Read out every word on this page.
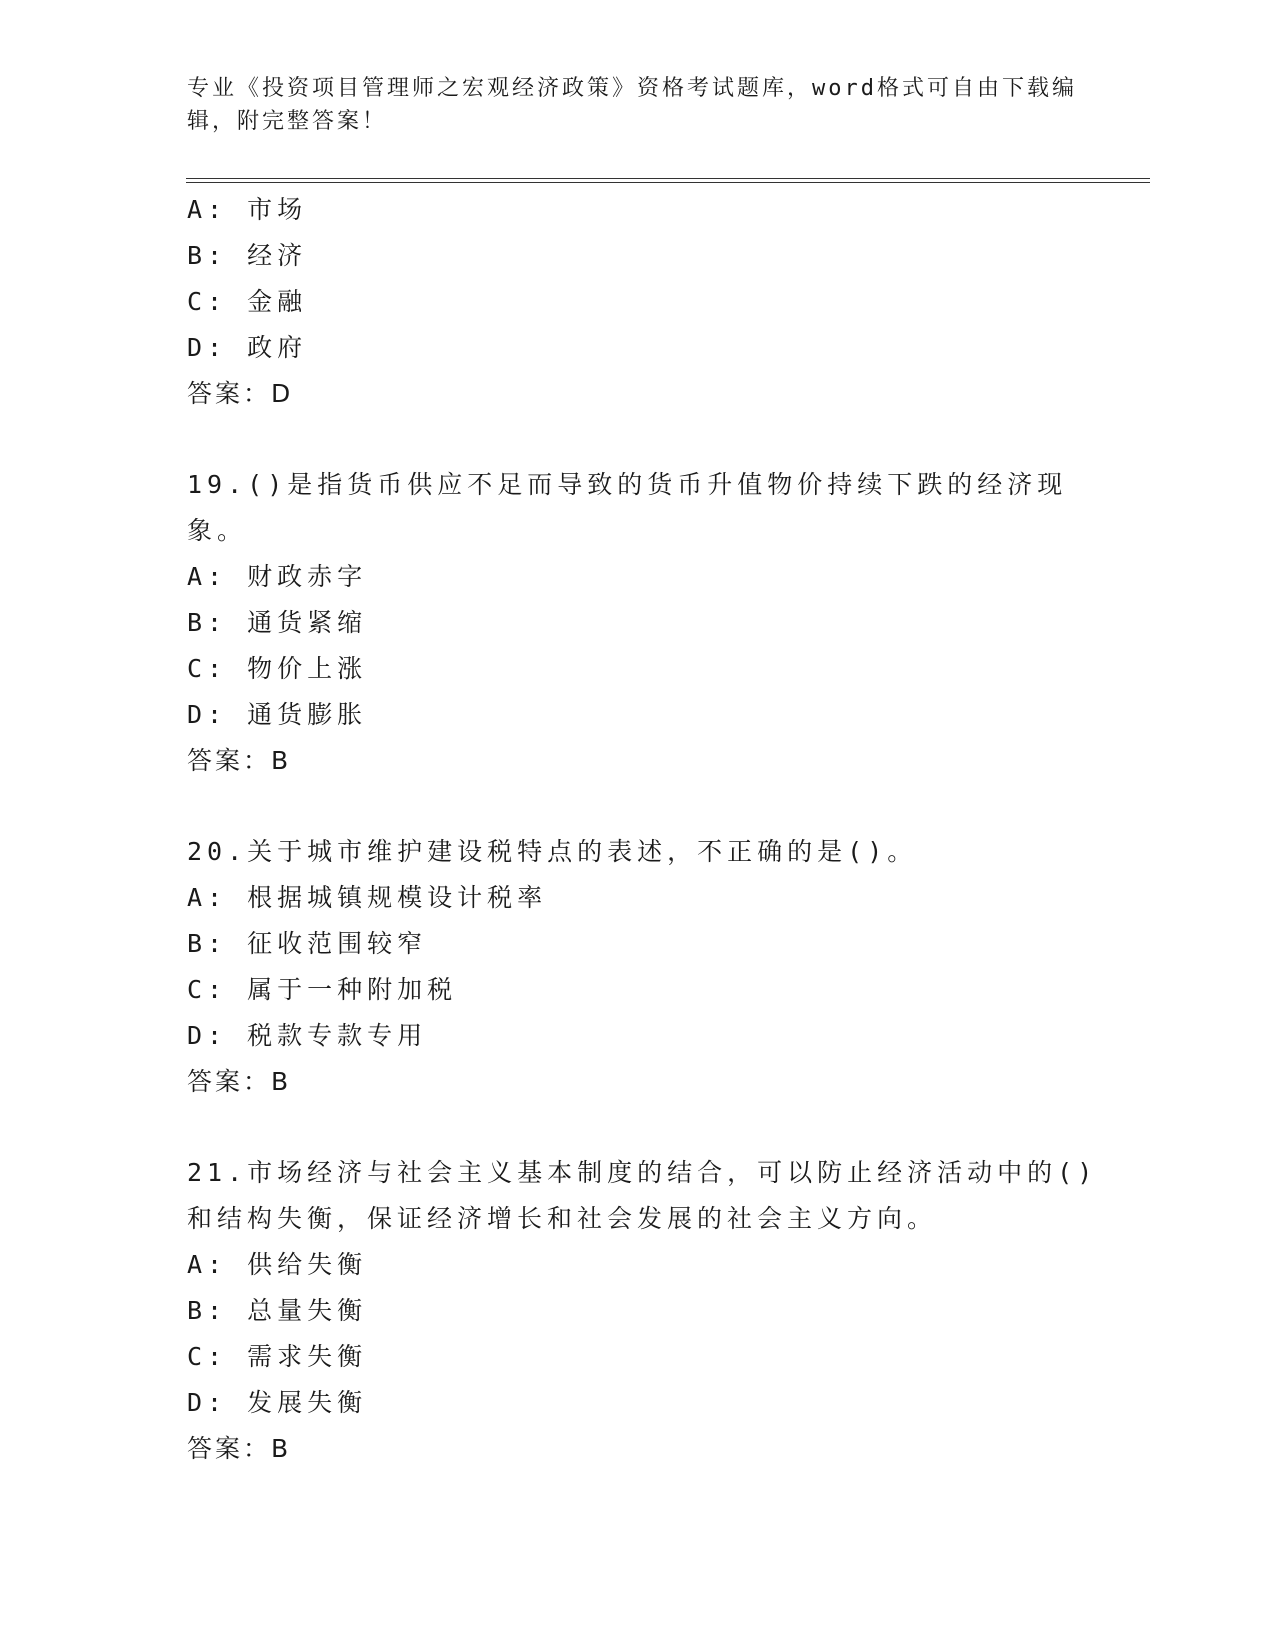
专业《投资项目管理师之宏观经济政策》资格考试题库，word格式可自由下载编辑，附完整答案！
A: 市场
B: 经济
C: 金融
D: 政府
答案：D
19.()是指货币供应不足而导致的货币升值物价持续下跌的经济现象。
A: 财政赤字
B: 通货紧缩
C: 物价上涨
D: 通货膨胀
答案：B
20.关于城市维护建设税特点的表述，不正确的是()。
A: 根据城镇规模设计税率
B: 征收范围较窄
C: 属于一种附加税
D: 税款专款专用
答案：B
21.市场经济与社会主义基本制度的结合，可以防止经济活动中的()和结构失衡，保证经济增长和社会发展的社会主义方向。
A: 供给失衡
B: 总量失衡
C: 需求失衡
D: 发展失衡
答案：B
